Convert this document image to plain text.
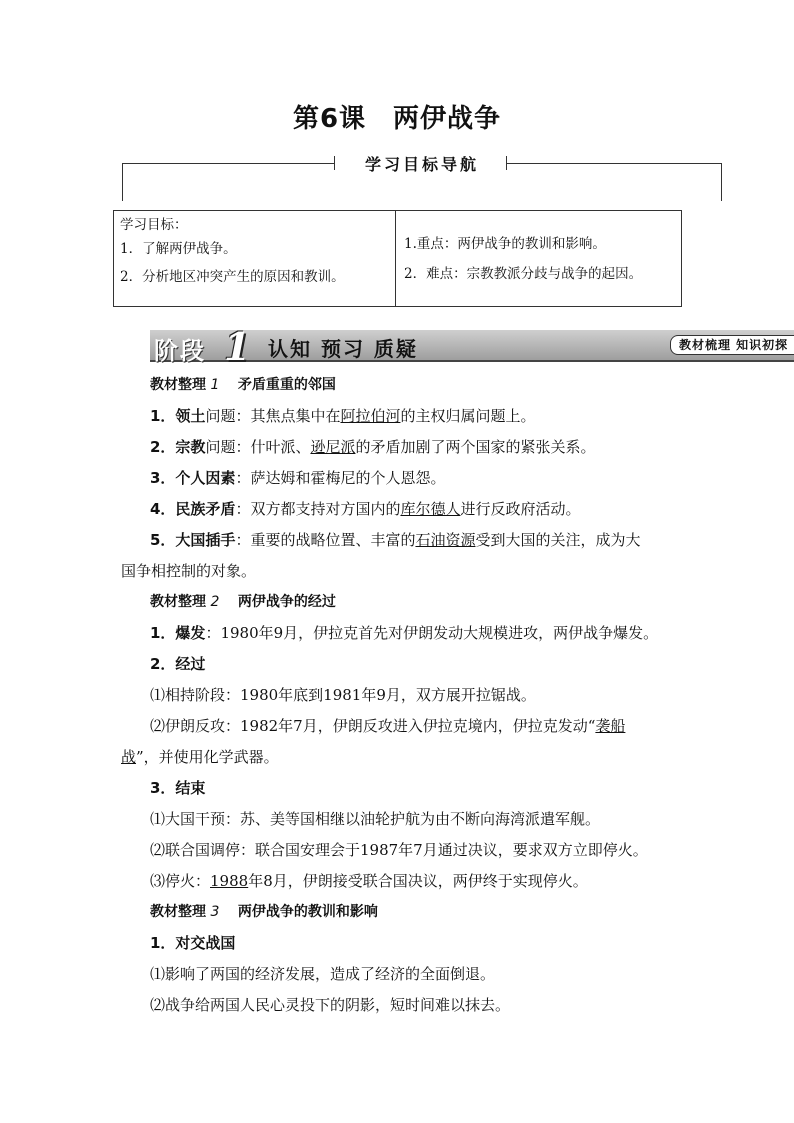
第6课　两伊战争
学习目标导航
学习目标：
1．了解两伊战争。
2．分析地区冲突产生的原因和教训。
1.重点：两伊战争的教训和影响。
2．难点：宗教教派分歧与战争的起因。
阶段 1 认知 预习 质疑	教材梳理 知识初探
教材整理 1 　 矛盾重重的邻国
1．领土问题：其焦点集中在阿拉伯河的主权归属问题上。
2．宗教问题：什叶派、逊尼派的矛盾加剧了两个国家的紧张关系。
3．个人因素：萨达姆和霍梅尼的个人恩怨。
4．民族矛盾：双方都支持对方国内的库尔德人进行反政府活动。
5．大国插手：重要的战略位置、丰富的石油资源受到大国的关注，成为大
国争相控制的对象。
教材整理 2 　 两伊战争的经过
1．爆发：1980年9月，伊拉克首先对伊朗发动大规模进攻，两伊战争爆发。
2．经过
⑴相持阶段：1980年底到1981年9月，双方展开拉锯战。
⑵伊朗反攻：1982年7月，伊朗反攻进入伊拉克境内，伊拉克发动“袭船
战”，并使用化学武器。
3．结束
⑴大国干预：苏、美等国相继以油轮护航为由不断向海湾派遣军舰。
⑵联合国调停：联合国安理会于1987年7月通过决议，要求双方立即停火。
⑶停火：1988年8月，伊朗接受联合国决议，两伊终于实现停火。
教材整理 3 　 两伊战争的教训和影响
1．对交战国
⑴影响了两国的经济发展，造成了经济的全面倒退。
⑵战争给两国人民心灵投下的阴影，短时间难以抹去。
